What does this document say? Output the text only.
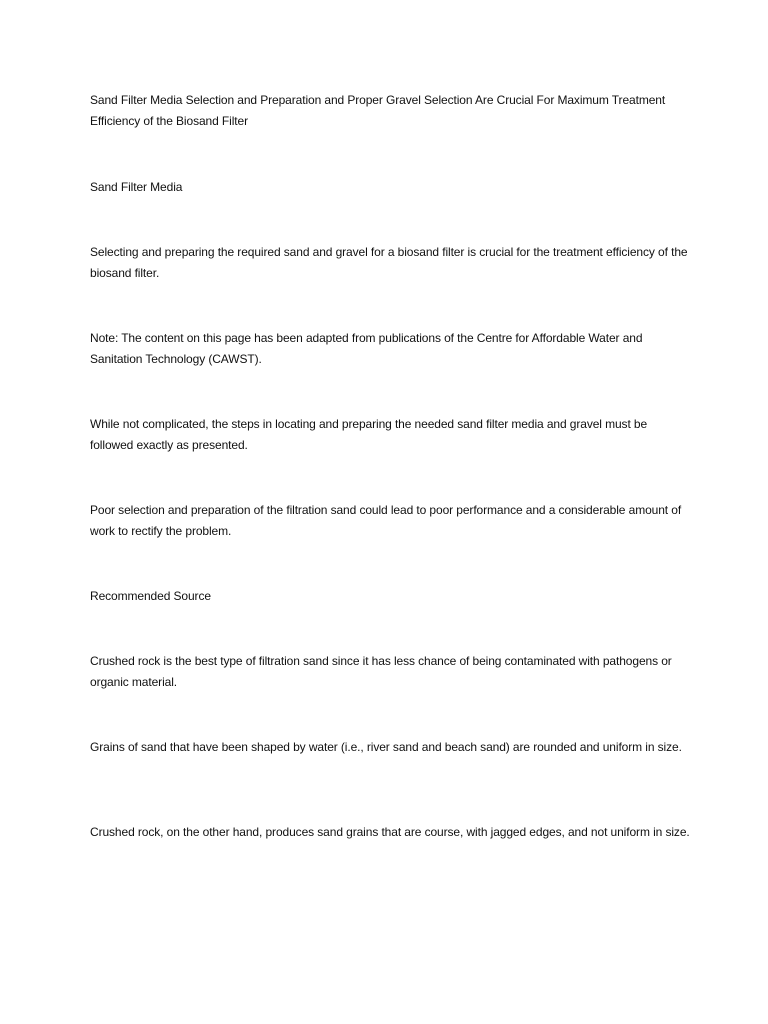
Sand Filter Media Selection and Preparation and Proper Gravel Selection Are Crucial For Maximum Treatment Efficiency of the Biosand Filter

Sand Filter Media

Selecting and preparing the required sand and gravel for a biosand filter is crucial for the treatment efficiency of the biosand filter.

Note: The content on this page has been adapted from publications of the Centre for Affordable Water and Sanitation Technology (CAWST).

While not complicated, the steps in locating and preparing the needed sand filter media and gravel must be followed exactly as presented.

Poor selection and preparation of the filtration sand could lead to poor performance and a considerable amount of work to rectify the problem.

Recommended Source

Crushed rock is the best type of filtration sand since it has less chance of being contaminated with pathogens or organic material.

Grains of sand that have been shaped by water (i.e., river sand and beach sand) are rounded and uniform in size.

Crushed rock, on the other hand, produces sand grains that are course, with jagged edges, and not uniform in size.
